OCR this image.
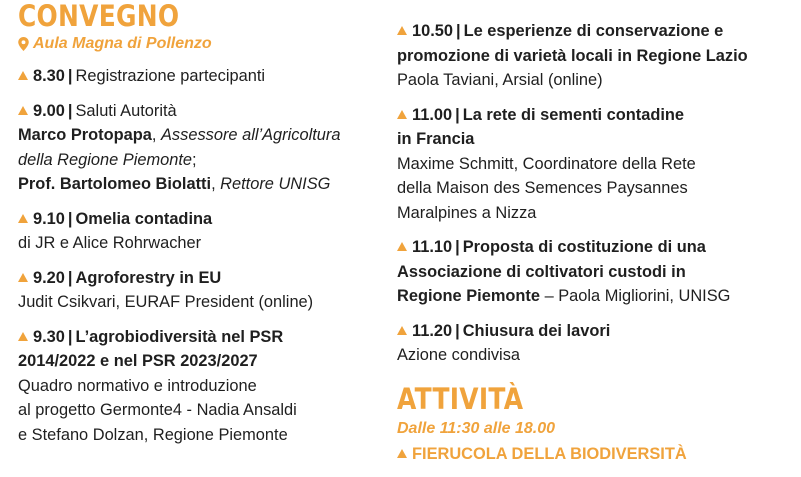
CONVEGNO
Aula Magna di Pollenzo
8.30 | Registrazione partecipanti
9.00 | Saluti Autorità
Marco Protopapa, Assessore all’Agricoltura
della Regione Piemonte;
Prof. Bartolomeo Biolatti, Rettore UNISG
9.10 | Omelia contadina
di JR e Alice Rohrwacher
9.20 | Agroforestry in EU
Judit Csikvari, EURAF President (online)
9.30 | L’agrobiodiversità nel PSR
2014/2022 e nel PSR 2023/2027
Quadro normativo e introduzione
al progetto Germonte4 - Nadia Ansaldi
e Stefano Dolzan, Regione Piemonte
10.50 | Le esperienze di conservazione e
promozione di varietà locali in Regione Lazio
Paola Taviani, Arsial (online)
11.00 | La rete di sementi contadine
in Francia
Maxime Schmitt, Coordinatore della Rete
della Maison des Semences Paysannes
Maralpines a Nizza
11.10 | Proposta di costituzione di una
Associazione di coltivatori custodi in
Regione Piemonte – Paola Migliorini, UNISG
11.20 | Chiusura dei lavori
Azione condivisa
ATTIVITÀ
Dalle 11:30 alle 18.00
FIERUCOLA DELLA BIODIVERSITÀ
